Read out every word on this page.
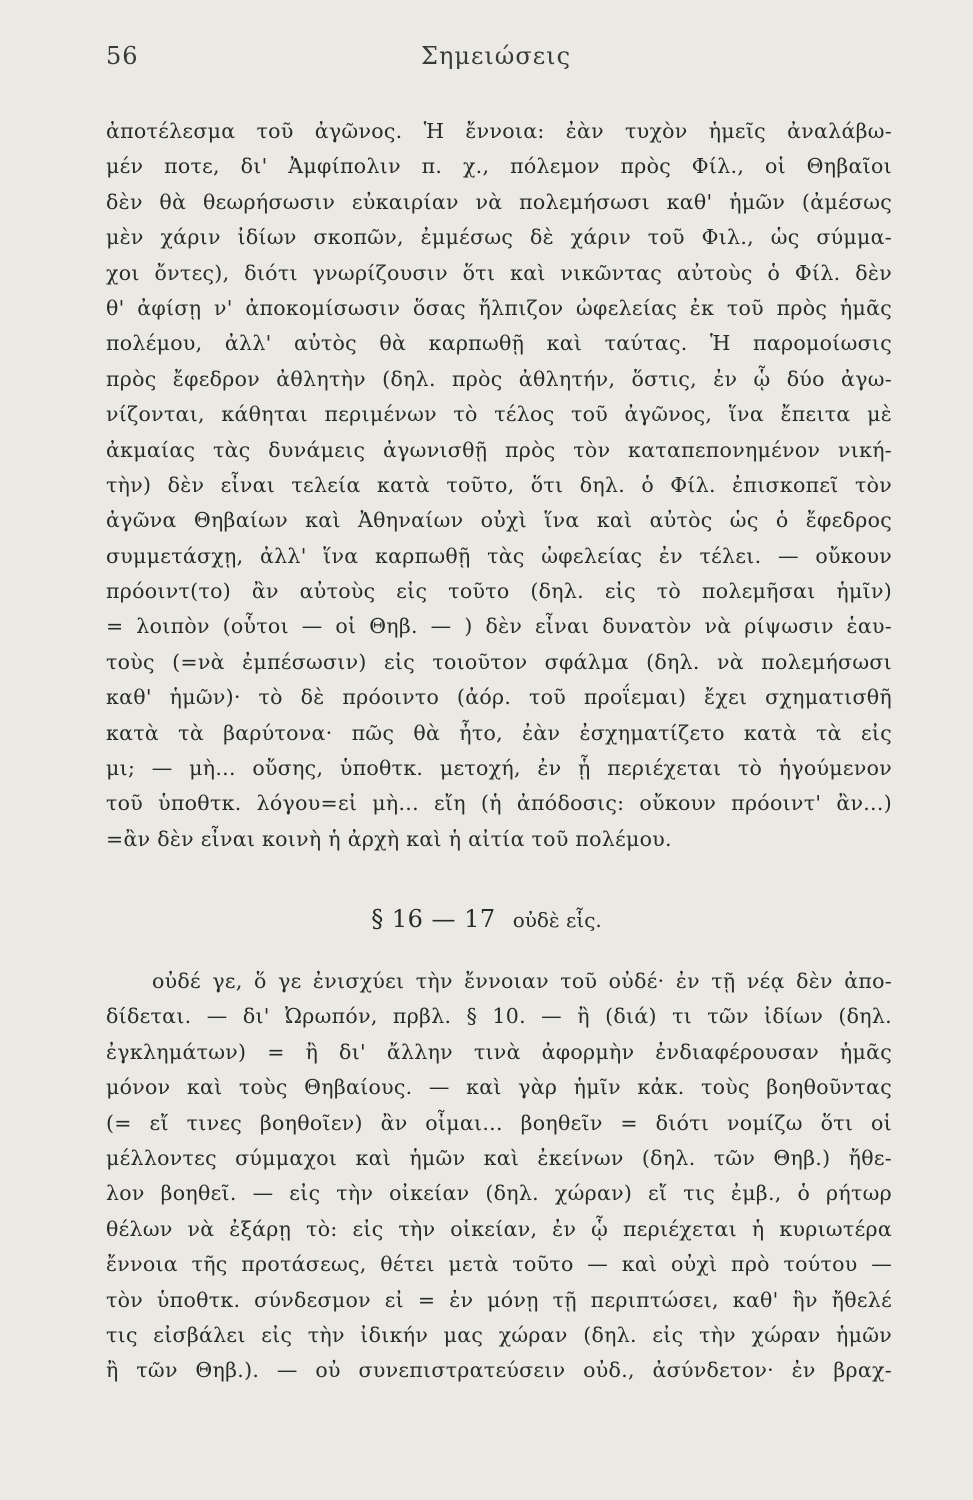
56	Σημειώσεις
ἀποτέλεσμα τοῦ ἀγῶνος. Ἡ ἔννοια: ἐὰν τυχὸν ἡμεῖς ἀναλάβω-
μέν ποτε, δι' Ἀμφίπολιν π. χ., πόλεμον πρὸς Φίλ., οἱ Θηβαῖοι
δὲν θὰ θεωρήσωσιν εὐκαιρίαν νὰ πολεμήσωσι καθ' ἡμῶν (ἀμέσως
μὲν χάριν ἰδίων σκοπῶν, ἐμμέσως δὲ χάριν τοῦ Φιλ., ὡς σύμμα-
χοι ὄντες), διότι γνωρίζουσιν ὅτι καὶ νικῶντας αὐτοὺς ὁ Φίλ. δὲν
θ' ἀφίσῃ ν' ἀποκομίσωσιν ὅσας ἤλπιζον ὠφελείας ἐκ τοῦ πρὸς ἡμᾶς
πολέμου, ἀλλ' αὐτὸς θὰ καρπωθῇ καὶ ταύτας. Ἡ παρομοίωσις
πρὸς ἔφεδρον ἀθλητὴν (δηλ. πρὸς ἀθλητήν, ὅστις, ἐν ᾧ δύο ἀγω-
νίζονται, κάθηται περιμένων τὸ τέλος τοῦ ἀγῶνος, ἵνα ἔπειτα μὲ
ἀκμαίας τὰς δυνάμεις ἀγωνισθῇ πρὸς τὸν καταπεπονημένον νική-
τὴν) δὲν εἶναι τελεία κατὰ τοῦτο, ὅτι δηλ. ὁ Φίλ. ἐπισκοπεῖ τὸν
ἀγῶνα Θηβαίων καὶ Ἀθηναίων οὐχὶ ἵνα καὶ αὐτὸς ὡς ὁ ἔφεδρος
συμμετάσχῃ, ἀλλ' ἵνα καρπωθῇ τὰς ὠφελείας ἐν τέλει. — οὔκουν
πρόοιντ(το) ἂν αὐτοὺς εἰς τοῦτο (δηλ. εἰς τὸ πολεμῆσαι ἡμῖν)
= λοιπὸν (οὗτοι — οἱ Θηβ. — ) δὲν εἶναι δυνατὸν νὰ ρίψωσιν ἑαυ-
τοὺς (=νὰ ἐμπέσωσιν) εἰς τοιοῦτον σφάλμα (δηλ. νὰ πολεμήσωσι
καθ' ἡμῶν)· τὸ δὲ πρόοιντο (ἀόρ. τοῦ προΐεμαι) ἔχει σχηματισθῆ
κατὰ τὰ βαρύτονα· πῶς θὰ ἦτο, ἐὰν ἐσχηματίζετο κατὰ τὰ εἰς
μι; — μὴ... οὔσης, ὑποθτκ. μετοχή, ἐν ᾗ περιέχεται τὸ ἡγούμενον
τοῦ ὑποθτκ. λόγου=εἰ μὴ... εἴη (ἡ ἀπόδοσις: οὔκουν πρόοιντ' ἂν...)
=ἂν δὲν εἶναι κοινὴ ἡ ἀρχὴ καὶ ἡ αἰτία τοῦ πολέμου.
§ 16 — 17 οὐδὲ εἷς.
οὐδέ γε, ὅ γε ἐνισχύει τὴν ἔννοιαν τοῦ οὐδέ· ἐν τῇ νέᾳ δὲν ἀπο-
δίδεται. — δι' Ὠρωπόν, πρβλ. § 10. — ἢ (διά) τι τῶν ἰδίων (δηλ.
ἐγκλημάτων) = ἢ δι' ἄλλην τινὰ ἀφορμὴν ἐνδιαφέρουσαν ἡμᾶς
μόνον καὶ τοὺς Θηβαίους. — καὶ γὰρ ἡμῖν κἀκ. τοὺς βοηθοῦντας
(= εἴ τινες βοηθοῖεν) ἂν οἶμαι... βοηθεῖν = διότι νομίζω ὅτι οἱ
μέλλοντες σύμμαχοι καὶ ἡμῶν καὶ ἐκείνων (δηλ. τῶν Θηβ.) ἤθε-
λον βοηθεῖ. — εἰς τὴν οἰκείαν (δηλ. χώραν) εἴ τις ἐμβ., ὁ ρήτωρ
θέλων νὰ ἐξάρῃ τὸ: εἰς τὴν οἰκείαν, ἐν ᾧ περιέχεται ἡ κυριωτέρα
ἔννοια τῆς προτάσεως, θέτει μετὰ τοῦτο — καὶ οὐχὶ πρὸ τούτου —
τὸν ὑποθτκ. σύνδεσμον εἰ = ἐν μόνῃ τῇ περιπτώσει, καθ' ἣν ἤθελέ
τις εἰσβάλει εἰς τὴν ἰδικήν μας χώραν (δηλ. εἰς τὴν χώραν ἡμῶν
ἢ τῶν Θηβ.). — οὐ συνεπιστρατεύσειν οὐδ., ἀσύνδετον· ἐν βραχ-
